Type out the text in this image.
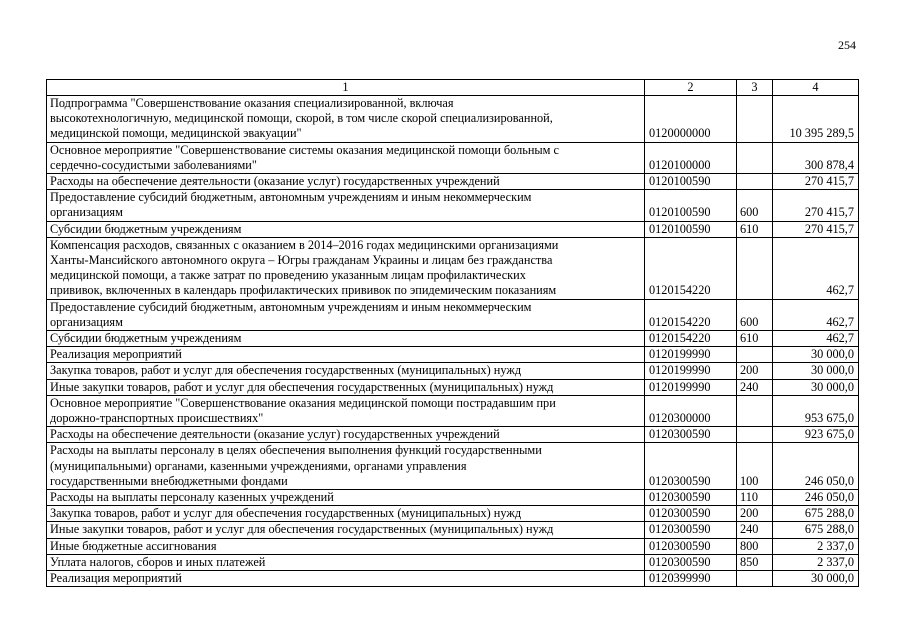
254
1	2	3	4

Подпрограмма "Совершенствование оказания специализированной, включая
высокотехнологичную, медицинской помощи, скорой, в том числе скорой специализированной,
медицинской помощи, медицинской эвакуации"	0120000000		10 395 289,5

Основное мероприятие "Совершенствование системы оказания медицинской помощи больным с
сердечно-сосудистыми заболеваниями"	0120100000		300 878,4

Расходы на обеспечение деятельности (оказание услуг) государственных учреждений	0120100590		270 415,7

Предоставление субсидий бюджетным, автономным учреждениям и иным некоммерческим
организациям	0120100590	600	270 415,7

Субсидии бюджетным учреждениям	0120100590	610	270 415,7

Компенсация расходов, связанных с оказанием в 2014–2016 годах медицинскими организациями
Ханты-Мансийского автономного округа – Югры гражданам Украины и лицам без гражданства
медицинской помощи, а также затрат по проведению указанным лицам профилактических
прививок, включенных в календарь профилактических прививок по эпидемическим показаниям	0120154220		462,7

Предоставление субсидий бюджетным, автономным учреждениям и иным некоммерческим
организациям	0120154220	600	462,7

Субсидии бюджетным учреждениям	0120154220	610	462,7

Реализация мероприятий	0120199990		30 000,0

Закупка товаров, работ и услуг для обеспечения государственных (муниципальных) нужд	0120199990	200	30 000,0

Иные закупки товаров, работ и услуг для обеспечения государственных (муниципальных) нужд	0120199990	240	30 000,0

Основное мероприятие "Совершенствование оказания медицинской помощи пострадавшим при
дорожно-транспортных происшествиях"	0120300000		953 675,0

Расходы на обеспечение деятельности (оказание услуг) государственных учреждений	0120300590		923 675,0

Расходы на выплаты персоналу в целях обеспечения выполнения функций государственными
(муниципальными) органами, казенными учреждениями, органами управления
государственными внебюджетными фондами	0120300590	100	246 050,0

Расходы на выплаты персоналу казенных учреждений	0120300590	110	246 050,0

Закупка товаров, работ и услуг для обеспечения государственных (муниципальных) нужд	0120300590	200	675 288,0

Иные закупки товаров, работ и услуг для обеспечения государственных (муниципальных) нужд	0120300590	240	675 288,0

Иные бюджетные ассигнования	0120300590	800	2 337,0

Уплата налогов, сборов и иных платежей	0120300590	850	2 337,0

Реализация мероприятий	0120399990		30 000,0
